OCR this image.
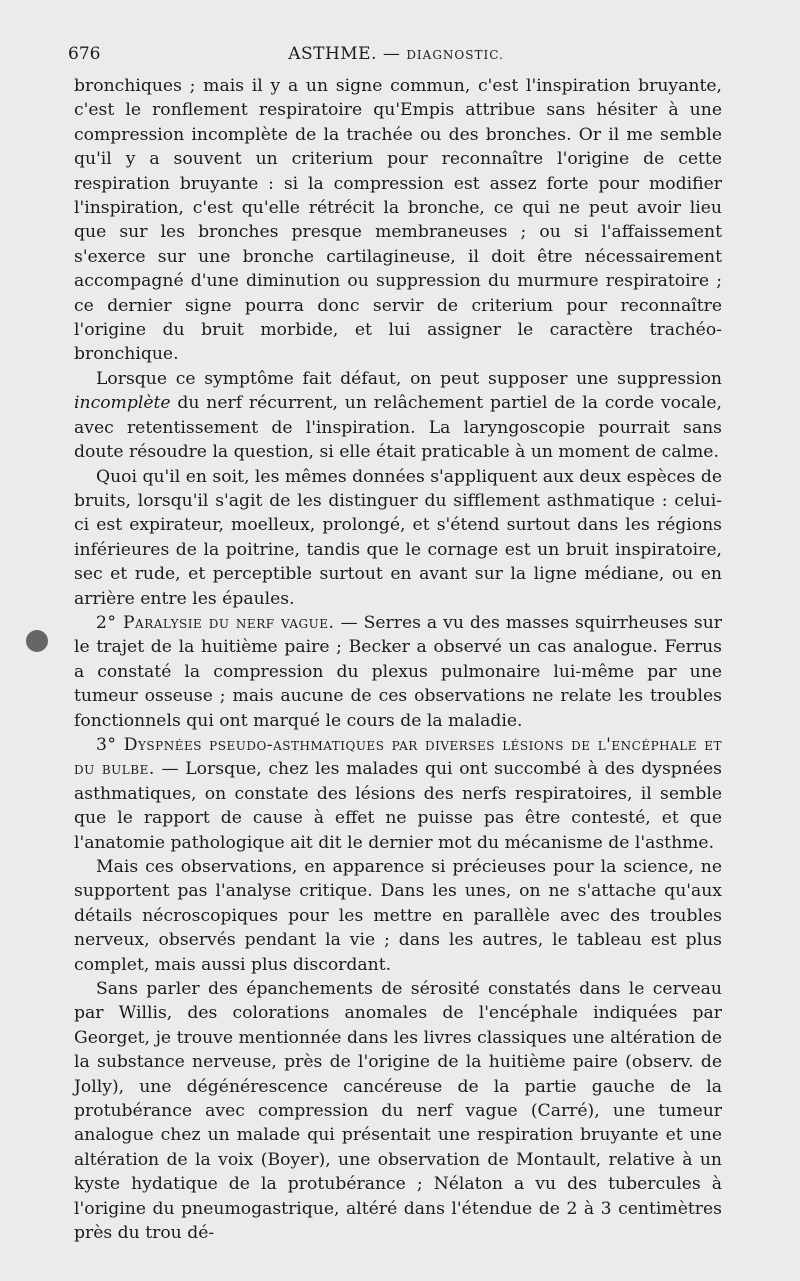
676	ASTHME. — DIAGNOSTIC.

bronchiques ; mais il y a un signe commun, c'est l'inspiration bruyante, c'est le ronflement respiratoire qu'Empis attribue sans hésiter à une compression incomplète de la trachée ou des bronches. Or il me semble qu'il y a souvent un criterium pour reconnaître l'origine de cette respiration bruyante : si la compression est assez forte pour modifier l'inspiration, c'est qu'elle rétrécit la bronche, ce qui ne peut avoir lieu que sur les bronches presque membraneuses ; ou si l'affaissement s'exerce sur une bronche cartilagineuse, il doit être nécessairement accompagné d'une diminution ou suppression du murmure respiratoire ; ce dernier signe pourra donc servir de criterium pour reconnaître l'origine du bruit morbide, et lui assigner le caractère trachéo-bronchique.

Lorsque ce symptôme fait défaut, on peut supposer une suppression incomplète du nerf récurrent, un relâchement partiel de la corde vocale, avec retentissement de l'inspiration. La laryngoscopie pourrait sans doute résoudre la question, si elle était praticable à un moment de calme.

Quoi qu'il en soit, les mêmes données s'appliquent aux deux espèces de bruits, lorsqu'il s'agit de les distinguer du sifflement asthmatique : celui-ci est expirateur, moelleux, prolongé, et s'étend surtout dans les régions inférieures de la poitrine, tandis que le cornage est un bruit inspiratoire, sec et rude, et perceptible surtout en avant sur la ligne médiane, ou en arrière entre les épaules.

2° Paralysie du nerf vague. — Serres a vu des masses squirrheuses sur le trajet de la huitième paire ; Becker a observé un cas analogue. Ferrus a constaté la compression du plexus pulmonaire lui-même par une tumeur osseuse ; mais aucune de ces observations ne relate les troubles fonctionnels qui ont marqué le cours de la maladie.

3° Dyspnées pseudo-asthmatiques par diverses lésions de l'encéphale et du bulbe. — Lorsque, chez les malades qui ont succombé à des dyspnées asthmatiques, on constate des lésions des nerfs respiratoires, il semble que le rapport de cause à effet ne puisse pas être contesté, et que l'anatomie pathologique ait dit le dernier mot du mécanisme de l'asthme.

Mais ces observations, en apparence si précieuses pour la science, ne supportent pas l'analyse critique. Dans les unes, on ne s'attache qu'aux détails nécroscopiques pour les mettre en parallèle avec des troubles nerveux, observés pendant la vie ; dans les autres, le tableau est plus complet, mais aussi plus discordant.

Sans parler des épanchements de sérosité constatés dans le cerveau par Willis, des colorations anomales de l'encéphale indiquées par Georget, je trouve mentionnée dans les livres classiques une altération de la substance nerveuse, près de l'origine de la huitième paire (observ. de Jolly), une dégénérescence cancéreuse de la partie gauche de la protubérance avec compression du nerf vague (Carré), une tumeur analogue chez un malade qui présentait une respiration bruyante et une altération de la voix (Boyer), une observation de Montault, relative à un kyste hydatique de la protubérance ; Nélaton a vu des tubercules à l'origine du pneumogastrique, altéré dans l'étendue de 2 à 3 centimètres près du trou dé-
